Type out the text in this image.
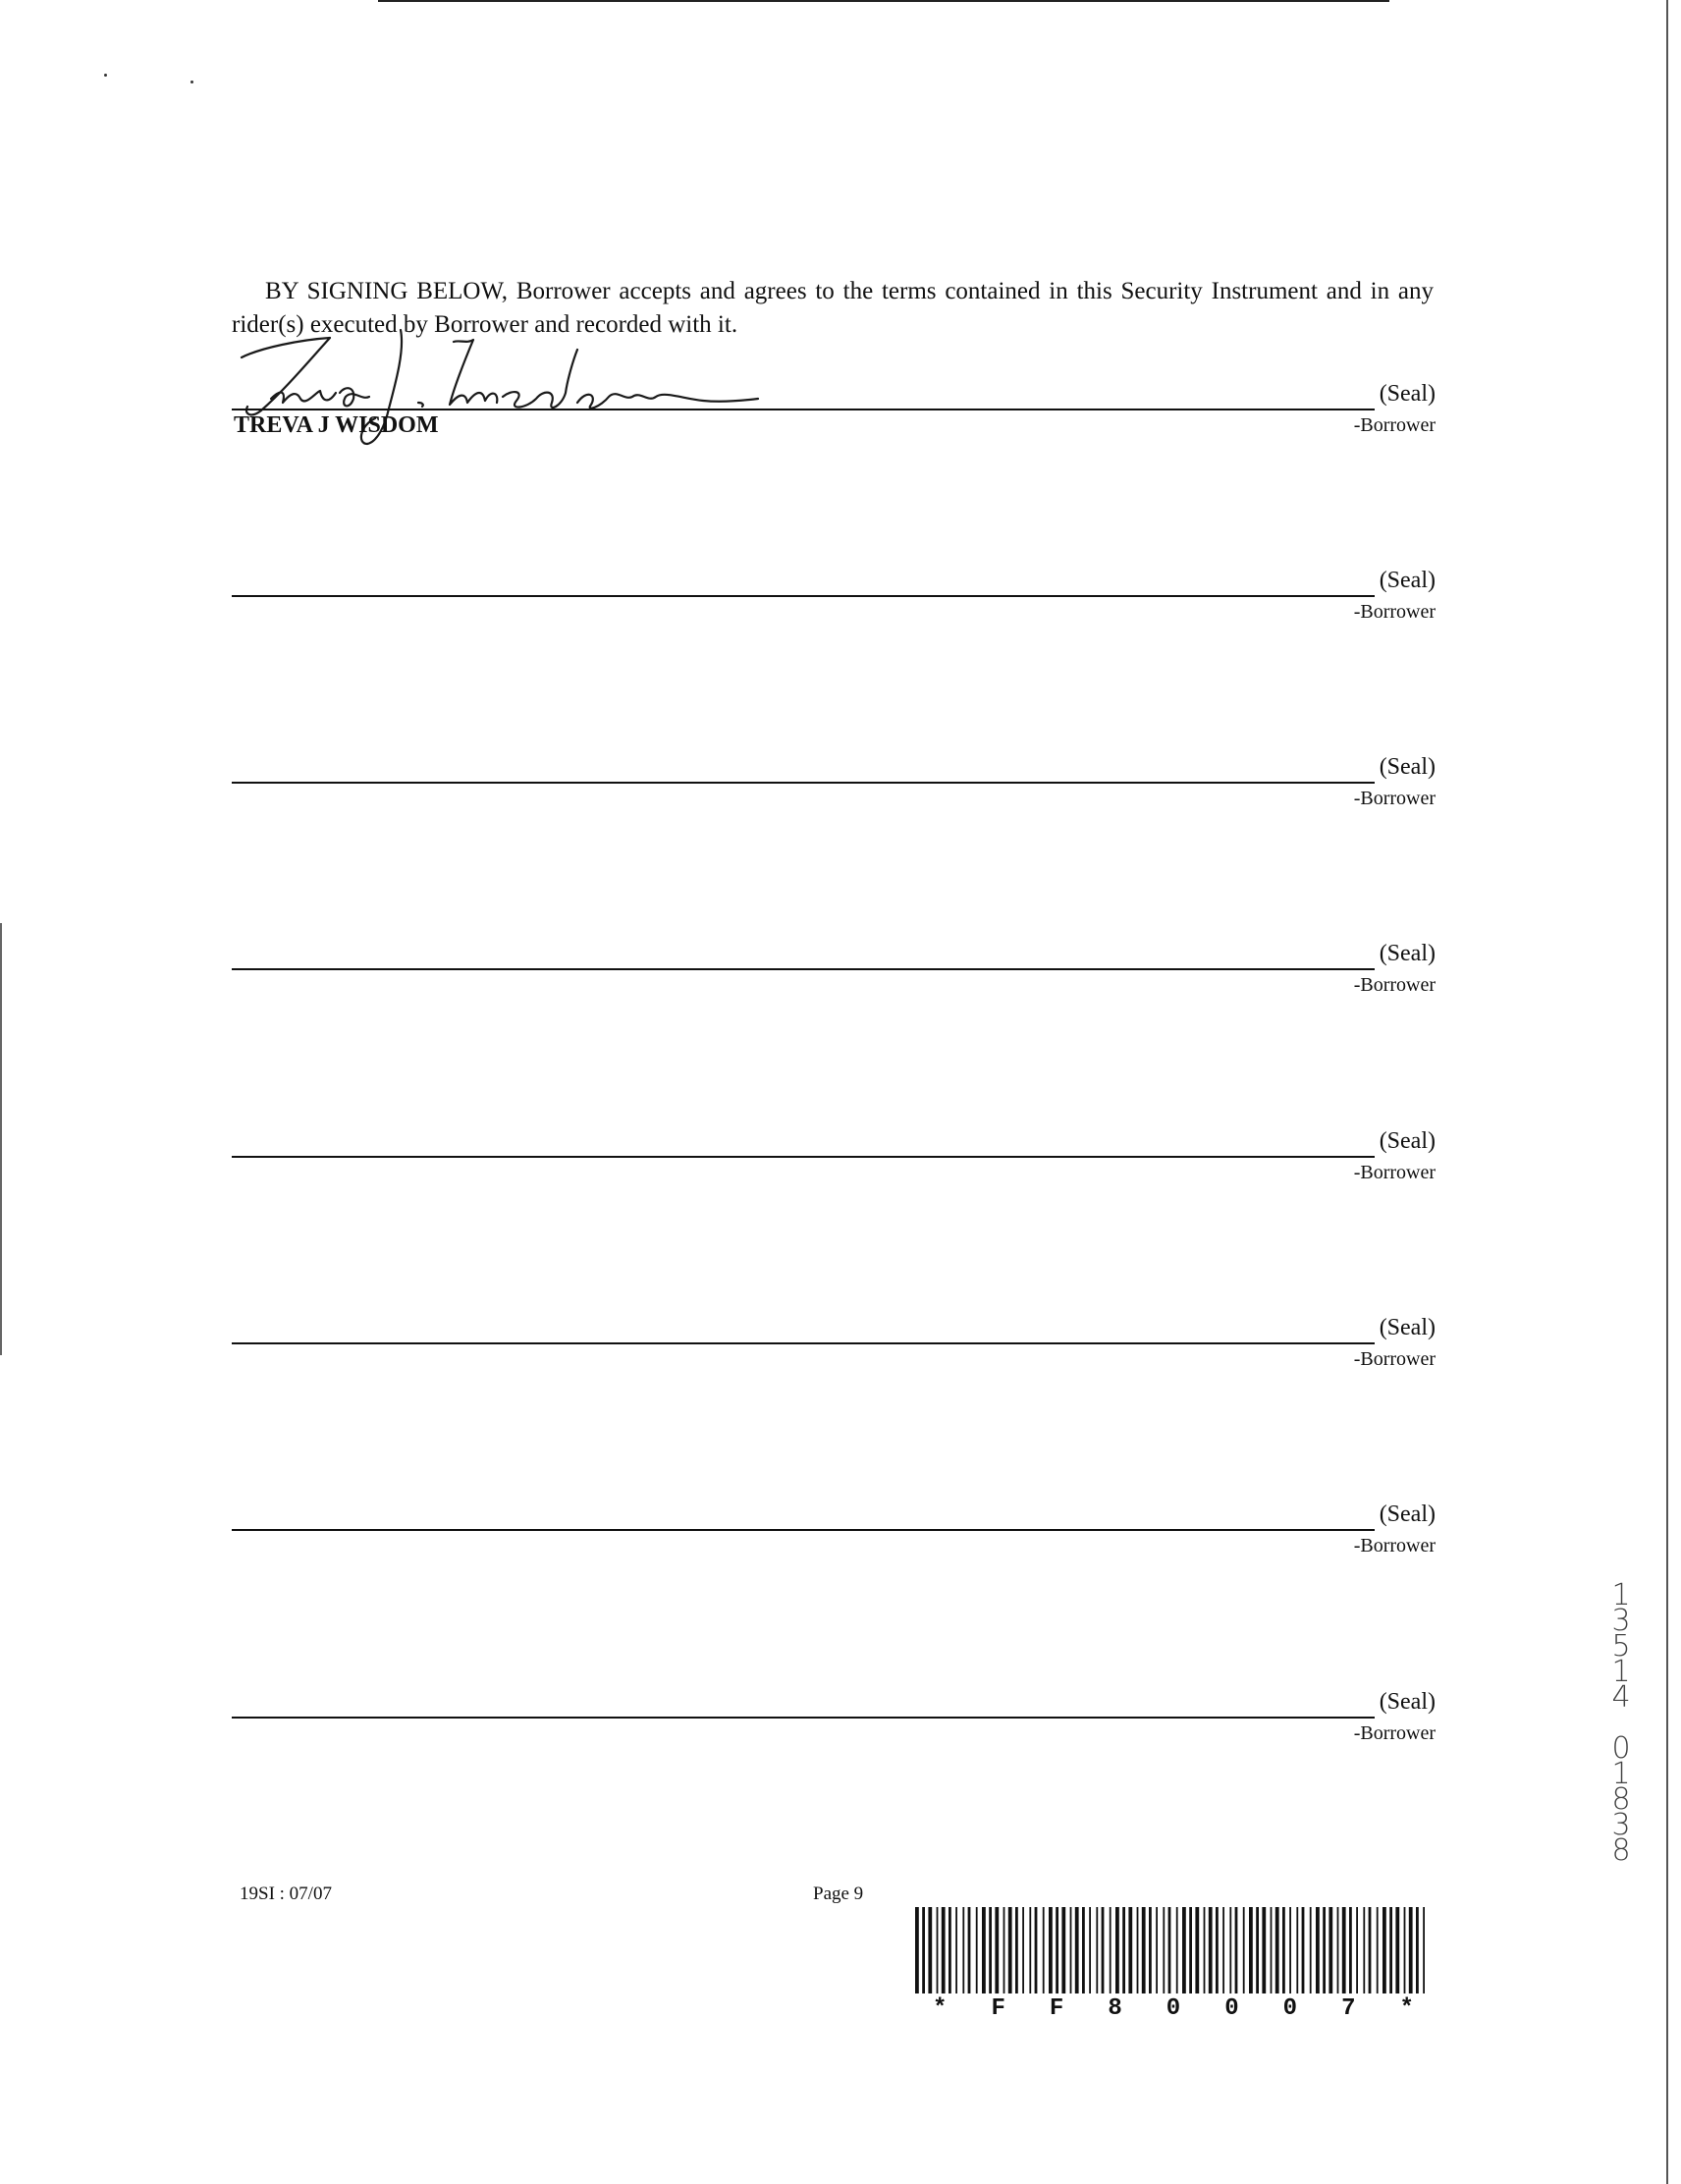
BY SIGNING BELOW, Borrower accepts and agrees to the terms contained in this Security Instrument and in any rider(s) executed by Borrower and recorded with it.

(Seal)
-Borrower
TREVA J WISDOM
(Seal)
-Borrower
(Seal)
-Borrower
(Seal)
-Borrower
(Seal)
-Borrower
(Seal)
-Borrower
(Seal)
-Borrower
(Seal)
-Borrower
19SI : 07/07	Page 9
* F F 8 0 0 0 7 *
1
3
5
1
4

0
1
8
3
8
